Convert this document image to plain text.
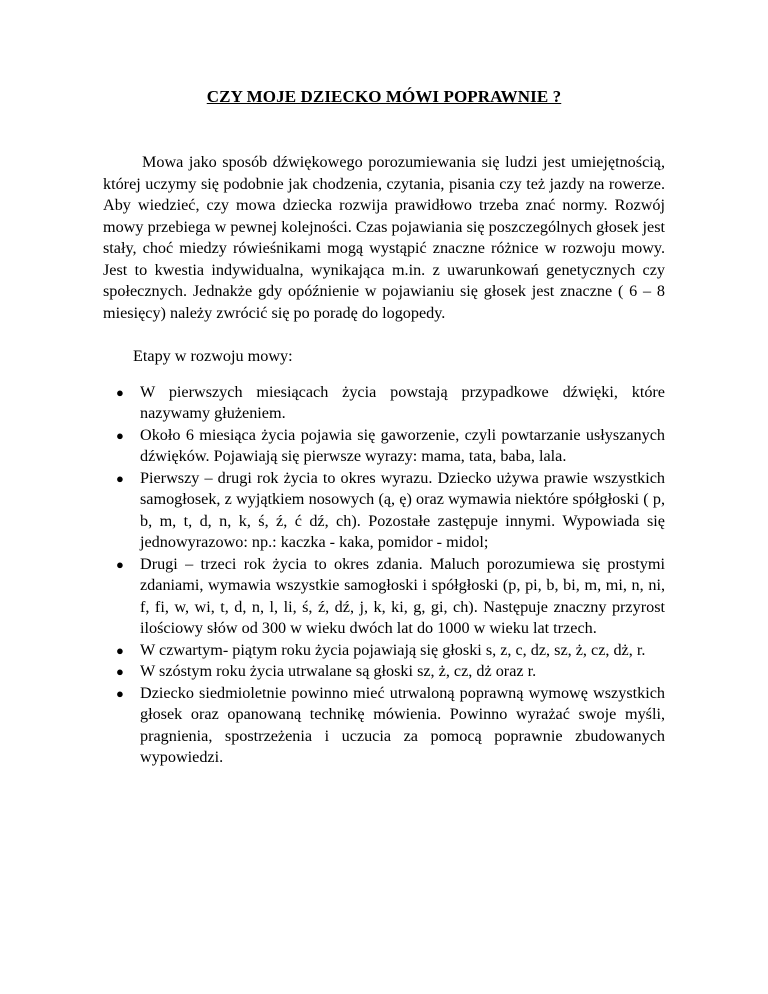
CZY MOJE DZIECKO MÓWI POPRAWNIE ?

Mowa jako sposób dźwiękowego porozumiewania się ludzi jest umiejętnością, której uczymy się podobnie jak chodzenia, czytania, pisania czy też jazdy na rowerze. Aby wiedzieć, czy mowa dziecka rozwija prawidłowo trzeba znać normy. Rozwój mowy przebiega w pewnej kolejności. Czas pojawiania się poszczególnych głosek jest stały, choć miedzy rówieśnikami mogą wystąpić znaczne różnice w rozwoju mowy. Jest to kwestia indywidualna, wynikająca m.in. z uwarunkowań genetycznych czy społecznych. Jednakże gdy opóźnienie w pojawianiu się głosek jest znaczne ( 6 – 8 miesięcy) należy zwrócić się po poradę do logopedy.

Etapy w rozwoju mowy:

● W pierwszych miesiącach życia powstają przypadkowe dźwięki, które nazywamy głużeniem.
● Około 6 miesiąca życia pojawia się gaworzenie, czyli powtarzanie usłyszanych dźwięków. Pojawiają się pierwsze wyrazy: mama, tata, baba, lala.
● Pierwszy – drugi rok życia to okres wyrazu. Dziecko używa prawie wszystkich samogłosek, z wyjątkiem nosowych (ą, ę) oraz wymawia niektóre spółgłoski ( p, b, m, t, d, n, k, ś, ź, ć dź, ch). Pozostałe zastępuje innymi. Wypowiada się jednowyrazowo: np.: kaczka - kaka, pomidor - midol;
● Drugi – trzeci rok życia to okres zdania. Maluch porozumiewa się prostymi zdaniami, wymawia wszystkie samogłoski i spółgłoski (p, pi, b, bi, m, mi, n, ni, f, fi, w, wi, t, d, n, l, li, ś, ź, dź, j, k, ki, g, gi, ch). Następuje znaczny przyrost ilościowy słów od 300 w wieku dwóch lat do 1000 w wieku lat trzech.
● W czwartym- piątym roku życia pojawiają się głoski s, z, c, dz, sz, ż, cz, dż, r.
● W szóstym roku życia utrwalane są głoski sz, ż, cz, dż oraz r.
● Dziecko siedmioletnie powinno mieć utrwaloną poprawną wymowę wszystkich głosek oraz opanowaną technikę mówienia. Powinno wyrażać swoje myśli, pragnienia, spostrzeżenia i uczucia za pomocą poprawnie zbudowanych wypowiedzi.
